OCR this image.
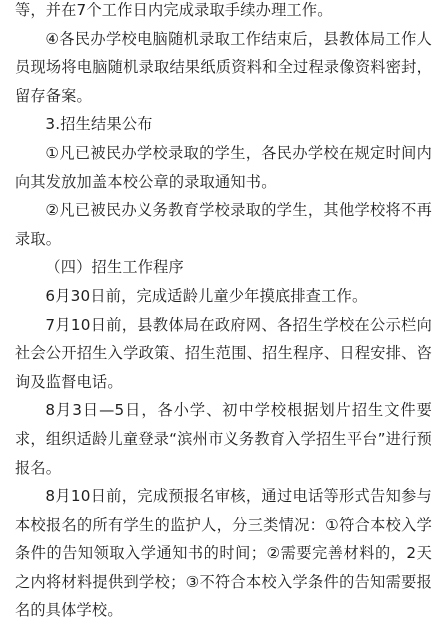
等，并在7个工作日内完成录取手续办理工作。

④各民办学校电脑随机录取工作结束后，县教体局工作人员现场将电脑随机录取结果纸质资料和全过程录像资料密封，留存备案。

3.招生结果公布

①凡已被民办学校录取的学生，各民办学校在规定时间内向其发放加盖本校公章的录取通知书。

②凡已被民办义务教育学校录取的学生，其他学校将不再录取。

（四）招生工作程序

6月30日前，完成适龄儿童少年摸底排查工作。

7月10日前，县教体局在政府网、各招生学校在公示栏向社会公开招生入学政策、招生范围、招生程序、日程安排、咨询及监督电话。

8月3日—5日，各小学、初中学校根据划片招生文件要求，组织适龄儿童登录“滨州市义务教育入学招生平台”进行预报名。

8月10日前，完成预报名审核，通过电话等形式告知参与本校报名的所有学生的监护人，分三类情况：①符合本校入学条件的告知领取入学通知书的时间；②需要完善材料的，2天之内将材料提供到学校；③不符合本校入学条件的告知需要报名的具体学校。
